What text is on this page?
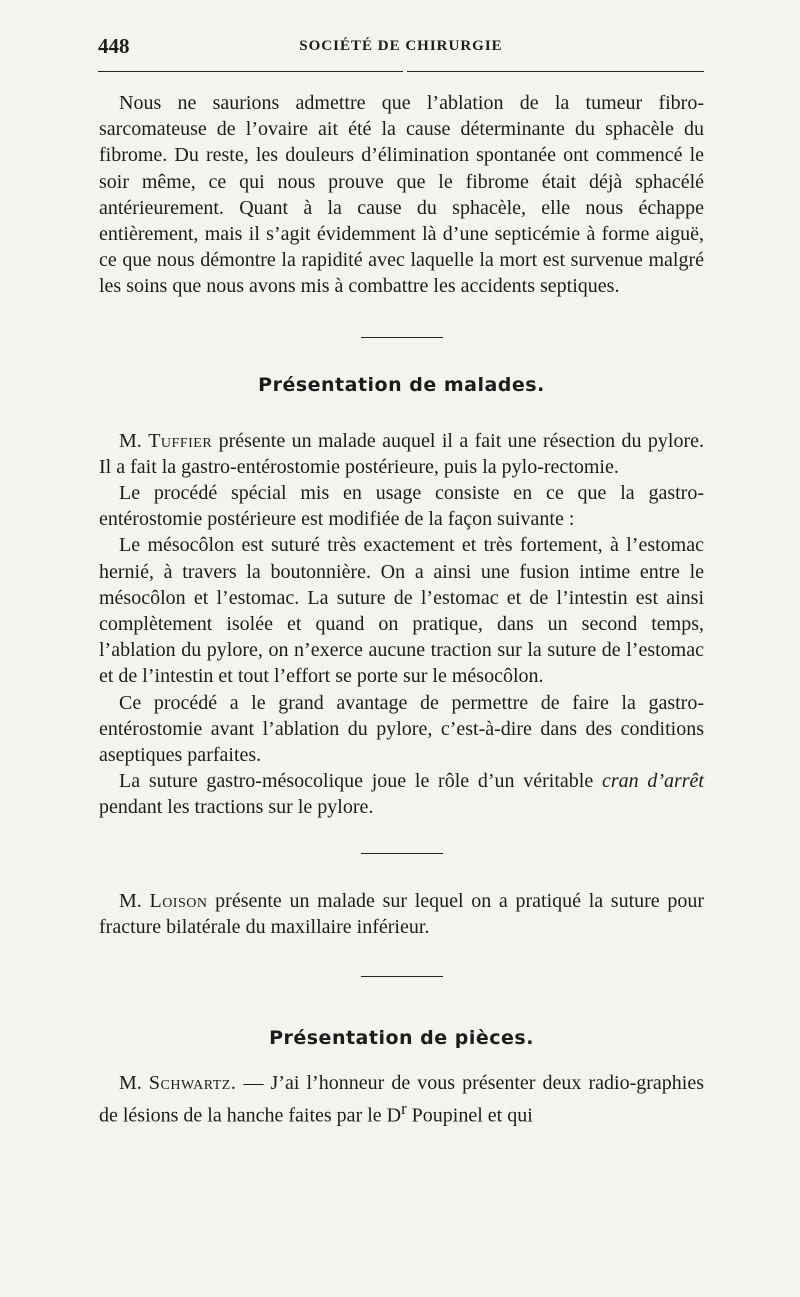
448	SOCIÉTÉ DE CHIRURGIE

Nous ne saurions admettre que l’ablation de la tumeur fibro-sarcomateuse de l’ovaire ait été la cause déterminante du sphacèle du fibrome. Du reste, les douleurs d’élimination spontanée ont commencé le soir même, ce qui nous prouve que le fibrome était déjà sphacélé antérieurement. Quant à la cause du sphacèle, elle nous échappe entièrement, mais il s’agit évidemment là d’une septicémie à forme aiguë, ce que nous démontre la rapidité avec laquelle la mort est survenue malgré les soins que nous avons mis à combattre les accidents septiques.

Présentation de malades.

M. Tuffier présente un malade auquel il a fait une résection du pylore. Il a fait la gastro-entérostomie postérieure, puis la pylo-rectomie.

Le procédé spécial mis en usage consiste en ce que la gastro-entérostomie postérieure est modifiée de la façon suivante :

Le mésocôlon est suturé très exactement et très fortement, à l’estomac hernié, à travers la boutonnière. On a ainsi une fusion intime entre le mésocôlon et l’estomac. La suture de l’estomac et de l’intestin est ainsi complètement isolée et quand on pratique, dans un second temps, l’ablation du pylore, on n’exerce aucune traction sur la suture de l’estomac et de l’intestin et tout l’effort se porte sur le mésocôlon.

Ce procédé a le grand avantage de permettre de faire la gastro-entérostomie avant l’ablation du pylore, c’est-à-dire dans des conditions aseptiques parfaites.

La suture gastro-mésocolique joue le rôle d’un véritable cran d’arrêt pendant les tractions sur le pylore.

M. Loison présente un malade sur lequel on a pratiqué la suture pour fracture bilatérale du maxillaire inférieur.

Présentation de pièces.

M. Schwartz. — J’ai l’honneur de vous présenter deux radio-graphies de lésions de la hanche faites par le $D^r$ Poupinel et qui
